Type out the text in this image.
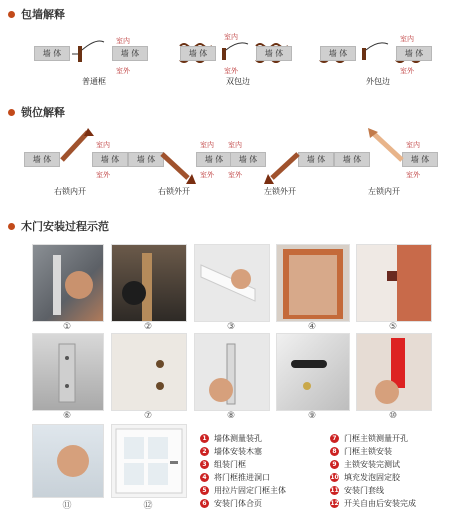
包墙解释
墙 体	墙 体
室内
室外
普通框
墙 体	墙 体
室内
室外
双包边
墙 体	墙 体
室内
室外
外包边
锁位解释
墙 体	墙 体
室内
室外
右锁内开
墙 体	墙 体
室内
室外
右锁外开
墙 体	墙 体
室内
室外
左锁外开
墙 体	墙 体
室内
室外
左锁内开
木门安装过程示范
①	②	③	④	⑤
⑥	⑦	⑧	⑨	⑩
⑪	⑫
1 墙体测量装孔
2 墙体安装木塞
3 组装门框
4 将门框推进洞口
5 用拉片固定门框主体
6 安装门体合页
7 门框主锁测量开孔
8 门框主锁安装
9 主锁安装完测试
10 填充发泡固定胶
11 安装门套线
12 开关自由后安装完成
